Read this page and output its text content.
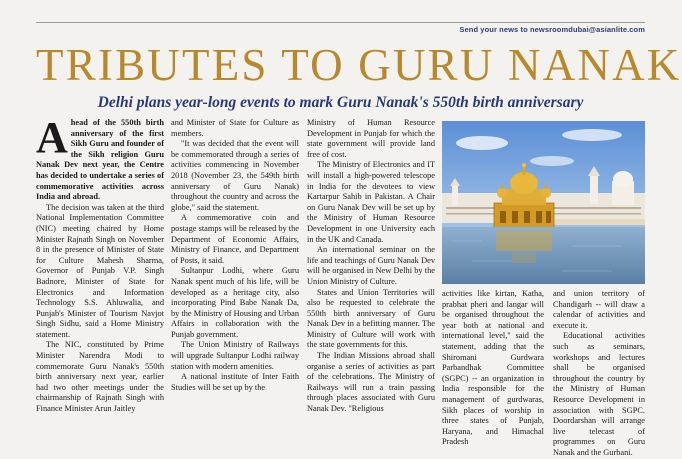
Send your news to newsroomdubai@asianlite.com
TRIBUTES TO GURU NANAK
Delhi plans year-long events to mark Guru Nanak's 550th birth anniversary

Ahead of the 550th birth anniversary of the first Sikh Guru and founder of the Sikh religion Guru Nanak Dev next year, the Centre has decided to undertake a series of commemorative activities across India and abroad.

The decision was taken at the third National Implementation Committee (NIC) meeting chaired by Home Minister Rajnath Singh on November 8 in the presence of Minister of State for Culture Mahesh Sharma, Governor of Punjab V.P. Singh Badnore, Minister of State for Electronics and Information Technology S.S. Ahluwalia, and Punjab's Minister of Tourism Navjot Singh Sidhu, said a Home Ministry statement.

The NIC, constituted by Prime Minister Narendra Modi to commemorate Guru Nanak's 550th birth anniversary next year, earlier had two other meetings under the chairmanship of Rajnath Singh with Finance Minister Arun Jaitley

and Minister of State for Culture as members.

"It was decided that the event will be commemorated through a series of activities commencing in November 2018 (November 23, the 549th birth anniversary of Guru Nanak) throughout the country and across the globe," said the statement.

A commemorative coin and postage stamps will be released by the Department of Economic Affairs, Ministry of Finance, and Department of Posts, it said.

Sultanpur Lodhi, where Guru Nanak spent much of his life, will be developed as a heritage city, also incorporating Pind Babe Nanak Da, by the Ministry of Housing and Urban Affairs in collaboration with the Punjab government.

The Union Ministry of Railways will upgrade Sultanpur Lodhi railway station with modern amenities.

A national institute of Inter Faith Studies will be set up by the

Ministry of Human Resource Development in Punjab for which the state government will provide land free of cost.

The Ministry of Electronics and IT will install a high-powered telescope in India for the devotees to view Kartarpur Sahib in Pakistan. A Chair on Guru Nanak Dev will be set up by the Ministry of Human Resource Development in one University each in the UK and Canada.

An international seminar on the life and teachings of Guru Nanak Dev will be organised in New Delhi by the Union Ministry of Culture.

States and Union Territories will also be requested to celebrate the 550th birth anniversary of Guru Nanak Dev in a befitting manner. The Ministry of Culture will work with the state governments for this.

The Indian Missions abroad shall organise a series of activities as part of the celebrations. The Ministry of Railways will run a train passing through places associated with Guru Nanak Dev. "Religious

activities like kirtan, Katha, prabhat pheri and langar will be organised throughout the year both at national and international level," said the statement, adding that the Shiromani Gurdwara Parbandhak Committee (SGPC) -- an organization in India responsible for the management of gurdwaras, Sikh places of worship in three states of Punjab, Haryana, and Himachal Pradesh

and union territory of Chandigarh -- will draw a calendar of activities and execute it.

Educational activities such as seminars, workshops and lectures shall be organised throughout the country by the Ministry of Human Resource Development in association with SGPC. Doordarshan will arrange live telecast of programmes on Guru Nanak and the Gurbani.
